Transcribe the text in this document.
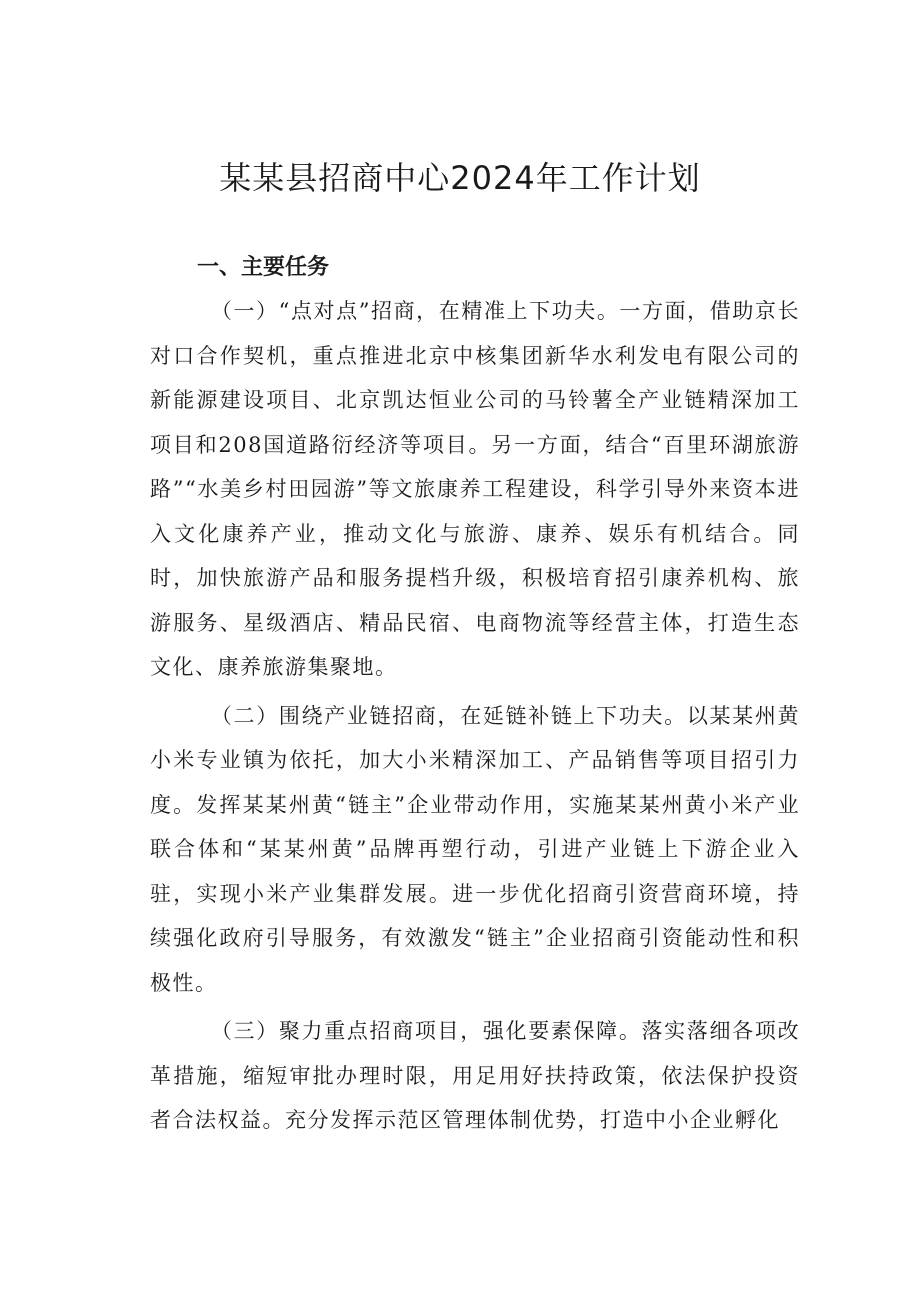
某某县招商中心2024年工作计划
一、主要任务

（一）“点对点”招商，在精准上下功夫。一方面，借助京长对口合作契机，重点推进北京中核集团新华水利发电有限公司的新能源建设项目、北京凯达恒业公司的马铃薯全产业链精深加工项目和208国道路衍经济等项目。另一方面，结合“百里环湖旅游路”“水美乡村田园游”等文旅康养工程建设，科学引导外来资本进入文化康养产业，推动文化与旅游、康养、娱乐有机结合。同时，加快旅游产品和服务提档升级，积极培育招引康养机构、旅游服务、星级酒店、精品民宿、电商物流等经营主体，打造生态文化、康养旅游集聚地。

（二）围绕产业链招商，在延链补链上下功夫。以某某州黄小米专业镇为依托，加大小米精深加工、产品销售等项目招引力度。发挥某某州黄“链主”企业带动作用，实施某某州黄小米产业联合体和“某某州黄”品牌再塑行动，引进产业链上下游企业入驻，实现小米产业集群发展。进一步优化招商引资营商环境，持续强化政府引导服务，有效激发“链主”企业招商引资能动性和积极性。

（三）聚力重点招商项目，强化要素保障。落实落细各项改革措施，缩短审批办理时限，用足用好扶持政策，依法保护投资者合法权益。充分发挥示范区管理体制优势，打造中小企业孵化
